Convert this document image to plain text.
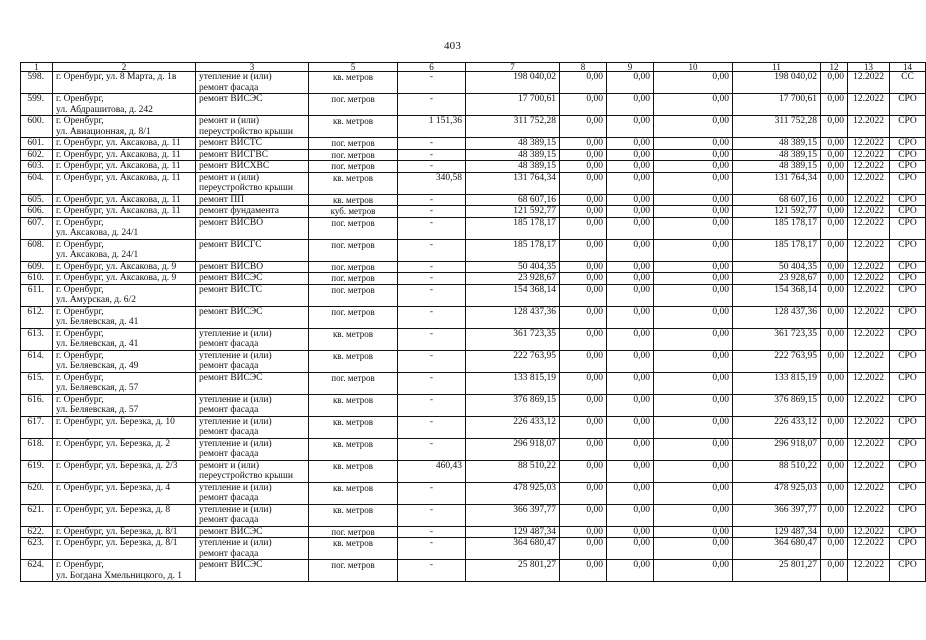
403
1	2	3	5	6	7	8	9	10	11	12	13	14
598.	г. Оренбург, ул. 8 Марта, д. 1в	утепление и (или)
ремонт фасада	кв. метров	-	198 040,02	0,00	0,00	0,00	198 040,02	0,00	12.2022	СС
599.	г. Оренбург,
ул. Абдрашитова, д. 242	ремонт ВИСЭС	пог. метров	-	17 700,61	0,00	0,00	0,00	17 700,61	0,00	12.2022	СРО
600.	г. Оренбург,
ул. Авиационная, д. 8/1	ремонт и (или)
переустройство крыши	кв. метров	1 151,36	311 752,28	0,00	0,00	0,00	311 752,28	0,00	12.2022	СРО
601.	г. Оренбург, ул. Аксакова, д. 11	ремонт ВИСТС	пог. метров	-	48 389,15	0,00	0,00	0,00	48 389,15	0,00	12.2022	СРО
602.	г. Оренбург, ул. Аксакова, д. 11	ремонт ВИСГВС	пог. метров	-	48 389,15	0,00	0,00	0,00	48 389,15	0,00	12.2022	СРО
603.	г. Оренбург, ул. Аксакова, д. 11	ремонт ВИСХВС	пог. метров	-	48 389,15	0,00	0,00	0,00	48 389,15	0,00	12.2022	СРО
604.	г. Оренбург, ул. Аксакова, д. 11	ремонт и (или)
переустройство крыши	кв. метров	340,58	131 764,34	0,00	0,00	0,00	131 764,34	0,00	12.2022	СРО
605.	г. Оренбург, ул. Аксакова, д. 11	ремонт ПП	кв. метров	-	68 607,16	0,00	0,00	0,00	68 607,16	0,00	12.2022	СРО
606.	г. Оренбург, ул. Аксакова, д. 11	ремонт фундамента	куб. метров	-	121 592,77	0,00	0,00	0,00	121 592,77	0,00	12.2022	СРО
607.	г. Оренбург,
ул. Аксакова, д. 24/1	ремонт ВИСВО	пог. метров	-	185 178,17	0,00	0,00	0,00	185 178,17	0,00	12.2022	СРО
608.	г. Оренбург,
ул. Аксакова, д. 24/1	ремонт ВИСГС	пог. метров	-	185 178,17	0,00	0,00	0,00	185 178,17	0,00	12.2022	СРО
609.	г. Оренбург, ул. Аксакова, д. 9	ремонт ВИСВО	пог. метров	-	50 404,35	0,00	0,00	0,00	50 404,35	0,00	12.2022	СРО
610.	г. Оренбург, ул. Аксакова, д. 9	ремонт ВИСЭС	пог. метров	-	23 928,67	0,00	0,00	0,00	23 928,67	0,00	12.2022	СРО
611.	г. Оренбург,
ул. Амурская, д. 6/2	ремонт ВИСТС	пог. метров	-	154 368,14	0,00	0,00	0,00	154 368,14	0,00	12.2022	СРО
612.	г. Оренбург,
ул. Беляевская, д. 41	ремонт ВИСЭС	пог. метров	-	128 437,36	0,00	0,00	0,00	128 437,36	0,00	12.2022	СРО
613.	г. Оренбург,
ул. Беляевская, д. 41	утепление и (или)
ремонт фасада	кв. метров	-	361 723,35	0,00	0,00	0,00	361 723,35	0,00	12.2022	СРО
614.	г. Оренбург,
ул. Беляевская, д. 49	утепление и (или)
ремонт фасада	кв. метров	-	222 763,95	0,00	0,00	0,00	222 763,95	0,00	12.2022	СРО
615.	г. Оренбург,
ул. Беляевская, д. 57	ремонт ВИСЭС	пог. метров	-	133 815,19	0,00	0,00	0,00	133 815,19	0,00	12.2022	СРО
616.	г. Оренбург,
ул. Беляевская, д. 57	утепление и (или)
ремонт фасада	кв. метров	-	376 869,15	0,00	0,00	0,00	376 869,15	0,00	12.2022	СРО
617.	г. Оренбург, ул. Березка, д. 10	утепление и (или)
ремонт фасада	кв. метров	-	226 433,12	0,00	0,00	0,00	226 433,12	0,00	12.2022	СРО
618.	г. Оренбург, ул. Березка, д. 2	утепление и (или)
ремонт фасада	кв. метров	-	296 918,07	0,00	0,00	0,00	296 918,07	0,00	12.2022	СРО
619.	г. Оренбург, ул. Березка, д. 2/3	ремонт и (или)
переустройство крыши	кв. метров	460,43	88 510,22	0,00	0,00	0,00	88 510,22	0,00	12.2022	СРО
620.	г. Оренбург, ул. Березка, д. 4	утепление и (или)
ремонт фасада	кв. метров	-	478 925,03	0,00	0,00	0,00	478 925,03	0,00	12.2022	СРО
621.	г. Оренбург, ул. Березка, д. 8	утепление и (или)
ремонт фасада	кв. метров	-	366 397,77	0,00	0,00	0,00	366 397,77	0,00	12.2022	СРО
622.	г. Оренбург, ул. Березка, д. 8/1	ремонт ВИСЭС	пог. метров	-	129 487,34	0,00	0,00	0,00	129 487,34	0,00	12.2022	СРО
623.	г. Оренбург, ул. Березка, д. 8/1	утепление и (или)
ремонт фасада	кв. метров	-	364 680,47	0,00	0,00	0,00	364 680,47	0,00	12.2022	СРО
624.	г. Оренбург,
ул. Богдана Хмельницкого, д. 1	ремонт ВИСЭС	пог. метров	-	25 801,27	0,00	0,00	0,00	25 801,27	0,00	12.2022	СРО
